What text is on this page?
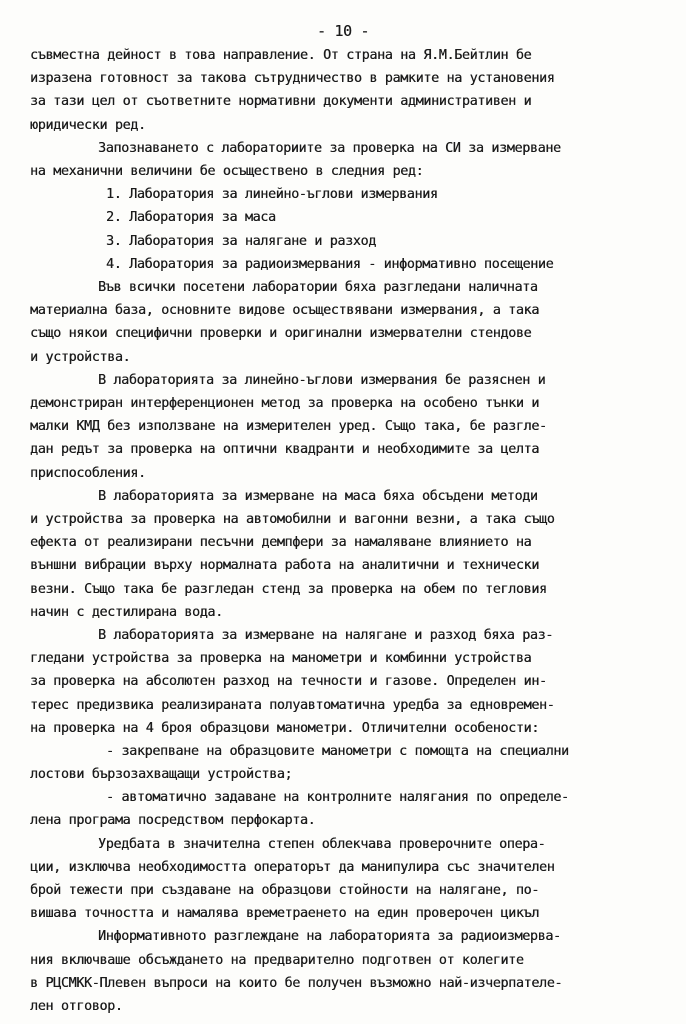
- 10 -
съвместна дейност в това направление. От страна на Я.М.Бейтлин бе
изразена готовност за такова сътрудничество в рамките на установения
за тази цел от съответните нормативни документи административен и
юридически ред.
Запознаването с лабораториите за проверка на СИ за измерване
на механични величини бе осъществено в следния ред:
1. Лаборатория за линейно-ъглови измервания
2. Лаборатория за маса
3. Лаборатория за налягане и разход
4. Лаборатория за радиоизмервания - информативно посещение
Във всички посетени лаборатории бяха разгледани наличната
материална база, основните видове осъществявани измервания, а така
също някои специфични проверки и оригинални измервателни стендове
и устройства.
В лабораторията за линейно-ъглови измервания бе разяснен и
демонстриран интерференционен метод за проверка на особено тънки и
малки КМД без използване на измерителен уред. Също така, бе разгле-
дан редът за проверка на оптични квадранти и необходимите за целта
приспособления.
В лабораторията за измерване на маса бяха обсъдени методи
и устройства за проверка на автомобилни и вагонни везни, а така също
ефекта от реализирани песъчни демпфери за намаляване влиянието на
външни вибрации върху нормалната работа на аналитични и технически
везни. Също така бе разгледан стенд за проверка на обем по тегловия
начин с дестилирана вода.
В лабораторията за измерване на налягане и разход бяха раз-
гледани устройства за проверка на манометри и комбинни устройства
за проверка на абсолютен разход на течности и газове. Определен ин-
терес предизвика реализираната полуавтоматична уредба за едновремен-
на проверка на 4 броя образцови манометри. Отличителни особености:
- закрепване на образцовите манометри с помощта на специални
лостови бързозахващащи устройства;
- автоматично задаване на контролните налягания по определе-
лена програма посредством перфокарта.
Уредбата в значителна степен облекчава проверочните опера-
ции, изключва необходимостта операторът да манипулира със значителен
брой тежести при създаване на образцови стойности на налягане, по-
вишава точността и намалява времетраенето на един проверочен цикъл
Информативното разглеждане на лабораторията за радиоизмерва-
ния включваше обсъждането на предварително подготвен от колегите
в РЦСМКК-Плевен въпроси на които бе получен възможно най-изчерпателе-
лен отговор.
